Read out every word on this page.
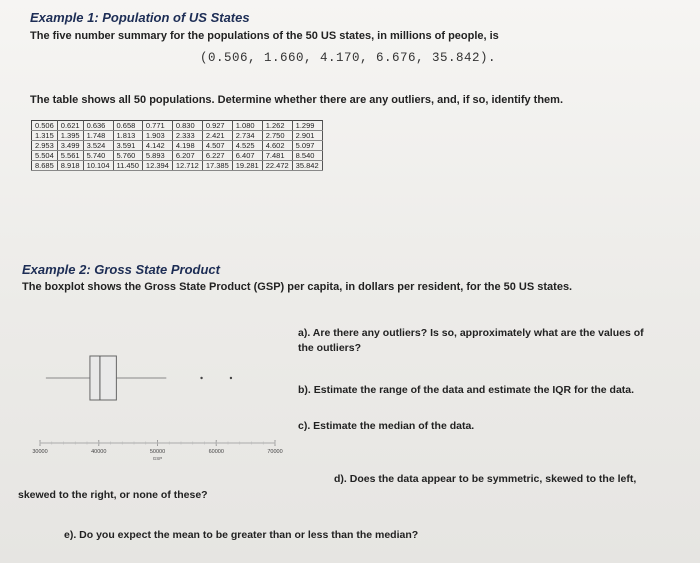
Example 1: Population of US States
The five number summary for the populations of the 50 US states, in millions of people, is
(0.506, 1.660, 4.170, 6.676, 35.842).
The table shows all 50 populations. Determine whether there are any outliers, and, if so, identify them.
0.506	0.621	0.636	0.658	0.771	0.830	0.927	1.080	1.262	1.299
1.315	1.395	1.748	1.813	1.903	2.333	2.421	2.734	2.750	2.901
2.953	3.499	3.524	3.591	4.142	4.198	4.507	4.525	4.602	5.097
5.504	5.561	5.740	5.760	5.893	6.207	6.227	6.407	7.481	8.540
8.685	8.918	10.104	11.450	12.394	12.712	17.385	19.281	22.472	35.842
Example 2: Gross State Product
The boxplot shows the Gross State Product (GSP) per capita, in dollars per resident, for the 50 US states.
30000	40000	50000	60000	70000
GSP
a). Are there any outliers? Is so, approximately what are the values of
the outliers?
b). Estimate the range of the data and estimate the IQR for the data.
c). Estimate the median of the data.
d). Does the data appear to be symmetric, skewed to the left,
skewed to the right, or none of these?
e). Do you expect the mean to be greater than or less than the median?
